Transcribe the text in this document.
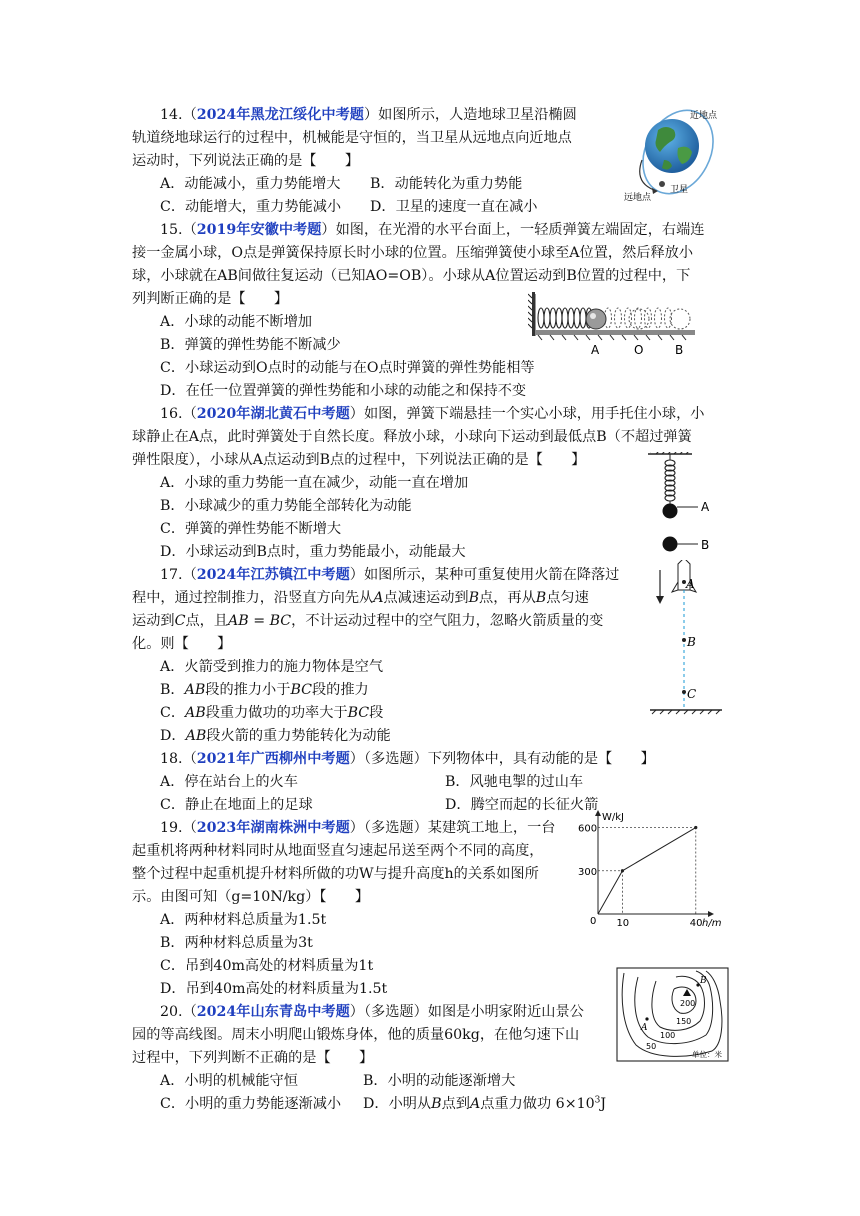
14.（2024年黑龙江绥化中考题）如图所示，人造地球卫星沿椭圆
轨道绕地球运行的过程中，机械能是守恒的，当卫星从远地点向近地点
运动时，下列说法正确的是【　　】
A．动能减小，重力势能增大 B．动能转化为重力势能
C．动能增大，重力势能减小 D．卫星的速度一直在减小
近地点
卫星
远地点
15.（2019年安徽中考题）如图，在光滑的水平台面上，一轻质弹簧左端固定，右端连
接一金属小球，O点是弹簧保持原长时小球的位置。压缩弹簧使小球至A位置，然后释放小
球，小球就在AB间做往复运动（已知AO=OB）。小球从A位置运动到B位置的过程中，下
列判断正确的是【　　】
A．小球的动能不断增加
B．弹簧的弹性势能不断减少
C．小球运动到O点时的动能与在O点时弹簧的弹性势能相等
D．在任一位置弹簧的弹性势能和小球的动能之和保持不变
A	O	B
16.（2020年湖北黄石中考题）如图，弹簧下端悬挂一个实心小球，用手托住小球，小
球静止在A点，此时弹簧处于自然长度。释放小球，小球向下运动到最低点B（不超过弹簧
弹性限度），小球从A点运动到B点的过程中，下列说法正确的是【　　】
A．小球的重力势能一直在减少，动能一直在增加
B．小球减少的重力势能全部转化为动能
C．弹簧的弹性势能不断增大
D．小球运动到B点时，重力势能最小，动能最大
A
B
17.（2024年江苏镇江中考题）如图所示，某种可重复使用火箭在降落过
程中，通过控制推力，沿竖直方向先从A点减速运动到B点，再从B点匀速
运动到C点，且AB = BC，不计运动过程中的空气阻力，忽略火箭质量的变
化。则【　　】
A．火箭受到推力的施力物体是空气
B．AB段的推力小于BC段的推力
C．AB段重力做功的功率大于BC段
D．AB段火箭的重力势能转化为动能
A
B
C
18.（2021年广西柳州中考题）（多选题）下列物体中，具有动能的是【　　】
A．停在站台上的火车	B．风驰电掣的过山车
C．静止在地面上的足球	D．腾空而起的长征火箭
19.（2023年湖南株洲中考题）（多选题）某建筑工地上，一台
起重机将两种材料同时从地面竖直匀速起吊送至两个不同的高度，
整个过程中起重机提升材料所做的功W与提升高度h的关系如图所
示。由图可知（g=10N/kg）【　　】
A．两种材料总质量为1.5t
B．两种材料总质量为3t
C．吊到40m高处的材料质量为1t
D．吊到40m高处的材料质量为1.5t
W/kJ
h/m
0 10	40
300
600
20.（2024年山东青岛中考题）（多选题）如图是小明家附近山景公
园的等高线图。周末小明爬山锻炼身体，他的质量60kg，在他匀速下山
过程中，下列判断不正确的是【　　】
A．小明的机械能守恒	B．小明的动能逐渐增大
C．小明的重力势能逐渐减小 D．小明从B点到A点重力做功 $6\times 10^3J$
B
A
200
150
100
50
单位：米
